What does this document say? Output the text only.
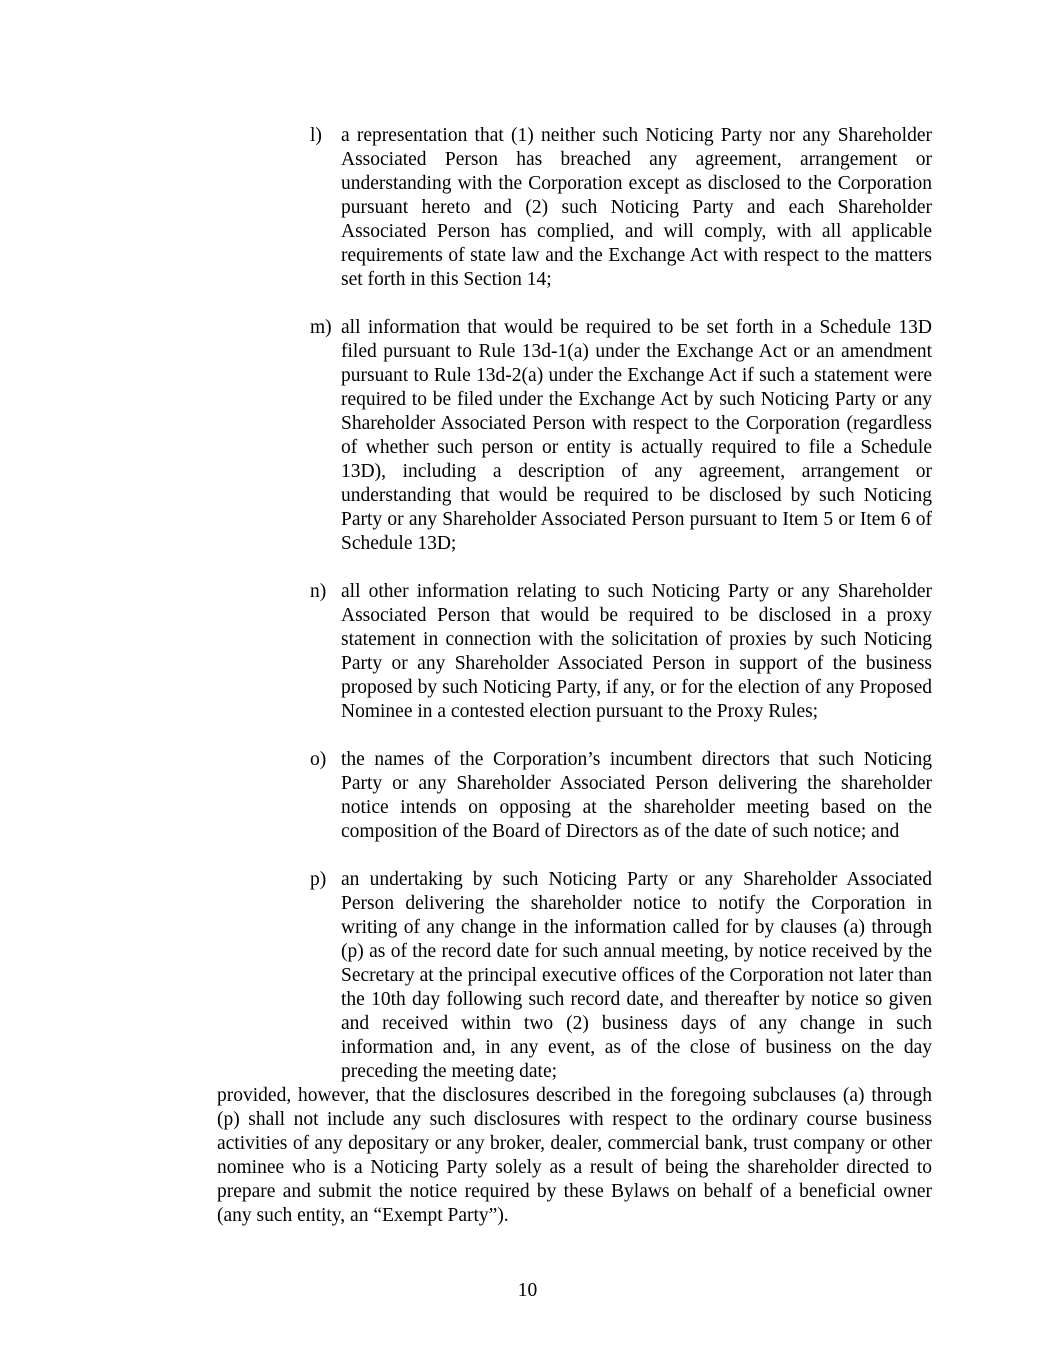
l) a representation that (1) neither such Noticing Party nor any Shareholder Associated Person has breached any agreement, arrangement or understanding with the Corporation except as disclosed to the Corporation pursuant hereto and (2) such Noticing Party and each Shareholder Associated Person has complied, and will comply, with all applicable requirements of state law and the Exchange Act with respect to the matters set forth in this Section 14;
m) all information that would be required to be set forth in a Schedule 13D filed pursuant to Rule 13d-1(a) under the Exchange Act or an amendment pursuant to Rule 13d-2(a) under the Exchange Act if such a statement were required to be filed under the Exchange Act by such Noticing Party or any Shareholder Associated Person with respect to the Corporation (regardless of whether such person or entity is actually required to file a Schedule 13D), including a description of any agreement, arrangement or understanding that would be required to be disclosed by such Noticing Party or any Shareholder Associated Person pursuant to Item 5 or Item 6 of Schedule 13D;
n) all other information relating to such Noticing Party or any Shareholder Associated Person that would be required to be disclosed in a proxy statement in connection with the solicitation of proxies by such Noticing Party or any Shareholder Associated Person in support of the business proposed by such Noticing Party, if any, or for the election of any Proposed Nominee in a contested election pursuant to the Proxy Rules;
o) the names of the Corporation’s incumbent directors that such Noticing Party or any Shareholder Associated Person delivering the shareholder notice intends on opposing at the shareholder meeting based on the composition of the Board of Directors as of the date of such notice; and
p) an undertaking by such Noticing Party or any Shareholder Associated Person delivering the shareholder notice to notify the Corporation in writing of any change in the information called for by clauses (a) through (p) as of the record date for such annual meeting, by notice received by the Secretary at the principal executive offices of the Corporation not later than the 10th day following such record date, and thereafter by notice so given and received within two (2) business days of any change in such information and, in any event, as of the close of business on the day preceding the meeting date;

provided, however, that the disclosures described in the foregoing subclauses (a) through (p) shall not include any such disclosures with respect to the ordinary course business activities of any depositary or any broker, dealer, commercial bank, trust company or other nominee who is a Noticing Party solely as a result of being the shareholder directed to prepare and submit the notice required by these Bylaws on behalf of a beneficial owner (any such entity, an “Exempt Party”).

10
